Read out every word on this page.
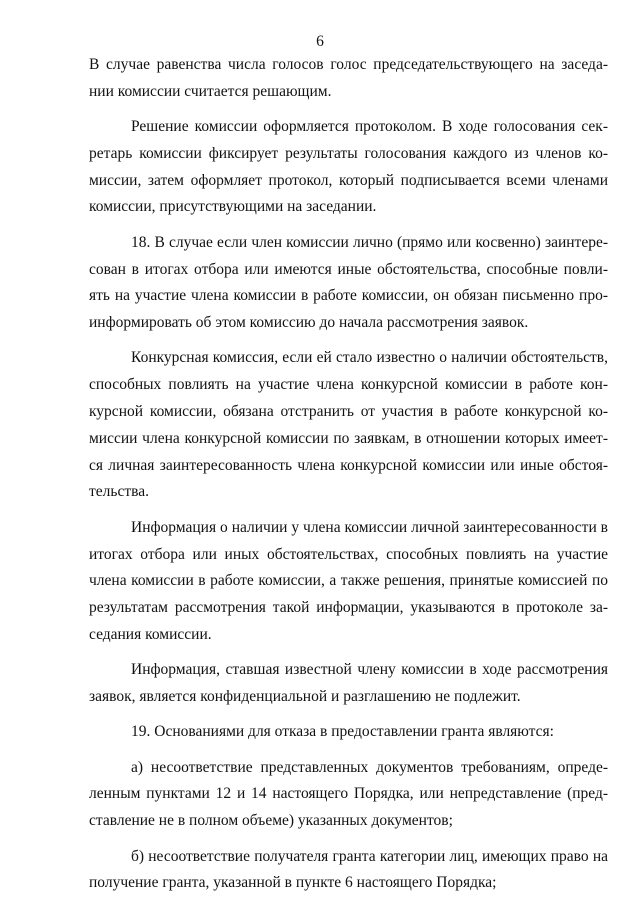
6
В случае равенства числа голосов голос председательствующего на заседа-
нии комиссии считается решающим.
Решение комиссии оформляется протоколом. В ходе голосования сек-
ретарь комиссии фиксирует результаты голосования каждого из членов ко-
миссии, затем оформляет протокол, который подписывается всеми членами
комиссии, присутствующими на заседании.
18. В случае если член комиссии лично (прямо или косвенно) заинтере-
сован в итогах отбора или имеются иные обстоятельства, способные повли-
ять на участие члена комиссии в работе комиссии, он обязан письменно про-
информировать об этом комиссию до начала рассмотрения заявок.
Конкурсная комиссия, если ей стало известно о наличии обстоятельств,
способных повлиять на участие члена конкурсной комиссии в работе кон-
курсной комиссии, обязана отстранить от участия в работе конкурсной ко-
миссии члена конкурсной комиссии по заявкам, в отношении которых имеет-
ся личная заинтересованность члена конкурсной комиссии или иные обстоя-
тельства.
Информация о наличии у члена комиссии личной заинтересованности в
итогах отбора или иных обстоятельствах, способных повлиять на участие
члена комиссии в работе комиссии, а также решения, принятые комиссией по
результатам рассмотрения такой информации, указываются в протоколе за-
седания комиссии.
Информация, ставшая известной члену комиссии в ходе рассмотрения
заявок, является конфиденциальной и разглашению не подлежит.
19. Основаниями для отказа в предоставлении гранта являются:
а) несоответствие представленных документов требованиям, опреде-
ленным пунктами 12 и 14 настоящего Порядка, или непредставление (пред-
ставление не в полном объеме) указанных документов;
б) несоответствие получателя гранта категории лиц, имеющих право на
получение гранта, указанной в пункте 6 настоящего Порядка;
